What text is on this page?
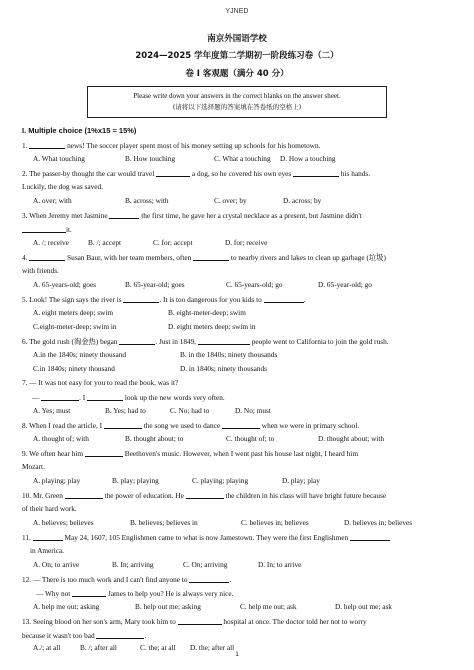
YJNED
南京外国语学校
2024—2025 学年度第二学期初一阶段练习卷（二）
卷 I 客观题（满分 40 分）
Please write down your answers in the correct blanks on the answer sheet.
(请将以下选择题的答案填在答卷纸的空格上)
I. Multiple choice (1%x15 = 15%)
1.	news! The soccer player spent most of his money setting up schools for his hometown.
A. What touching	B. How touching	C. What a touching D. How a touching
2. The passer-by thought the car would travel	a dog, so he covered his own eyes	his hands.
Luckily, the dog was saved.
A. over; with	B. across; with	C. over; by	D. across; by
3. When Jeremy met Jasmine	the first time, he gave her a crystal necklace as a present, but Jasmine didn't
it.
A. /; receive	B. /; accept	C. for; accept	D. for; receive
4.	Susan Baur, with her team members, often	to nearby rivers and lakes to clean up garbage (垃圾)
with friends.
A. 65-years-old; goes	B. 65-year-old; goes	C. 65-years-old; go	D. 65-year-old; go
5. Look! The sign says the river is	. It is too dangerous for you kids to	.
A. eight meters deep; swim	B. eight-meter-deep; swim
C.eight-meter-deep; swim in	D. eight meters deep; swim in
6. The gold rush (淘金热) began	. Just in 1849,	people went to California to join the gold rush.
A.in the 1840s; ninety thousand	B. in the 1840s; ninety thousands
C.in 1840s; ninety thousand	D. in 1840s; ninety thousands
7. — It was not easy for you to read the book, was it?
—	. I	look up the new words very often.
A. Yes; must	B. Yes; had to	C. No; had to	D. No; must
8. When I read the article, I	the song we used to dance	when we were in primary school.
A. thought of; with	B. thought about; to	C. thought of; to	D. thought about; with
9. We often hear him	Beethoven's music. However, when I went past his house last night, I heard him
Mozart.
A. playing; play	B. play; playing	C. playing; playing	D. play; play
10. Mr. Green	the power of education. He	the children in his class will have bright future because
of their hard work.
A. believes; believes	B. believes; believes in	C. believes in; believes	D. believes in; believes
11.	May 24, 1607, 105 Englishmen came to what is now Jamestown. They were the first Englishmen
in America.
A. On; to arrive	B. In; arriving	C. On; arriving	D. In; to arrive
12. — There is too much work and I can't find anyone to	.
— Why not	James to help you? He is always very nice.
A. help me out; asking	B. help out me; asking	C. help me out; ask	D. help out me; ask
13. Seeing blood on her son's arm, Mary took him to	hospital at once. The doctor told her not to worry
because it wasn't too bad	.
A./; at all	B. /; after all	C. the; at all D. the; after all
1
